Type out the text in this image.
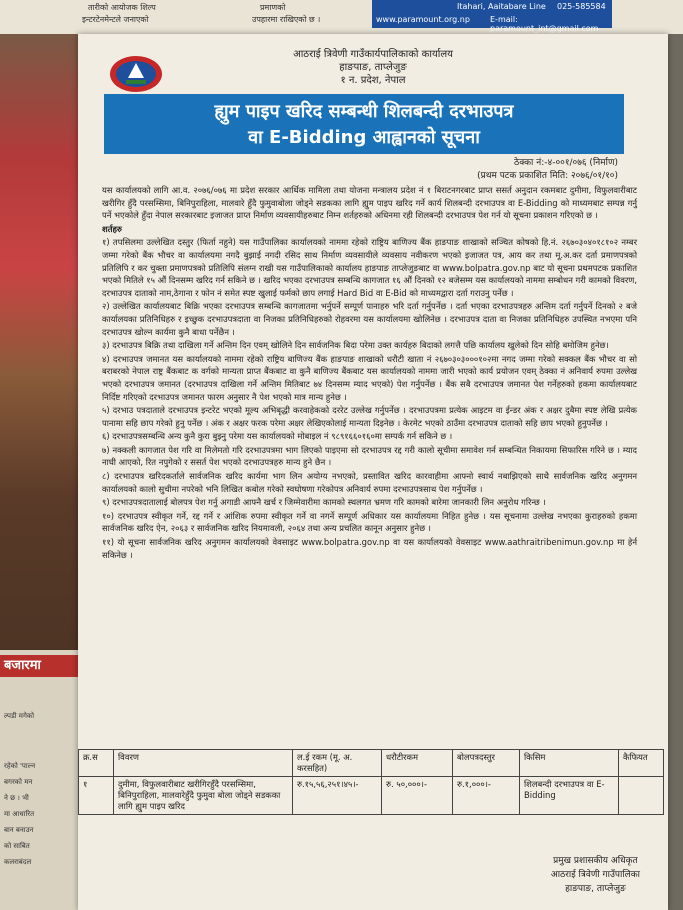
तारीको आयोजक शिल्प
इन्टरटेनमेन्टले जनाएको
प्रमाणको
उपहारमा राखिएको छ ।
Itahari, Aaitabare Line 025-585584
www.paramount.org.np	E-mail: paramount_int@gmail.com
बजारमा
ल्पडी मगेको
रहेको 'पाल्न
बगरको मन
ने छ । भी
मा आधारित
बान बनाउन
को साबित
कलराबंदल
आठराई त्रिवेणी गाउँकार्यपालिकाको कार्यालय
हाङपाङ, ताप्लेजुङ
१ न. प्रदेश, नेपाल
ह्युम पाइप खरिद सम्बन्धी शिलबन्दी दरभाउपत्र
वा E-Bidding आह्वानको सूचना
ठेक्का नं:-४-००१/०७६ (निर्माण)
(प्रथम पटक प्रकाशित मिति: २०७६/०१/१०)

यस कार्यालयको लागि आ.व. २०७६/०७६ मा प्रदेश सरकार आर्थिक मामिला तथा योजना मन्त्रालय प्रदेश नं १ बिराटनगरबाट प्राप्त ससर्त अनुदान रकमबाट दुमीमा, विफुलवारीबाट खरीगिर हुँदै परसम्सिमा, बिनिपुराहिला, मालवारे हुँदै फुमुवाबोला जोड्ने सडकका लागि ह्युम पाइप खरिद गर्ने कार्य शिलबन्दी दरभाउपत्र वा E-Bidding को माध्यमबाट सम्पन्न गर्नु पर्ने भएकोले हुँदा नेपाल सरकारबाट इजाजत प्राप्त निर्माण व्यवसायीहरुबाट निम्न शर्तहरुको अधिनमा रही शिलबन्दी दरभाउपत्र पेश गर्न यो सूचना प्रकाशन गरिएको छ ।

शर्तहरु

१) तपसिलमा उल्लेखित दस्तुर (फिर्ता नहुने) यस गाउँपालिका कार्यालयको नाममा रहेको राष्ट्रिय बाणिज्य बैंक हाङपाङ शाखाको सञ्चित कोषको हि.नं. २६७०३०४०१८१०२ नम्बर जम्मा गरेको बैंक भौचर वा कार्यालयमा नगदै बुझाई नगदी रसिद साथ निर्माण व्यवसायीले व्यवसाय नवीकरण भएको इजाजत पत्र, आय कर तथा मू.अ.कर दर्ता प्रमाणपत्रको प्रतिलिपि र कर चुक्ता प्रमाणपत्रको प्रतिलिपि संलग्न राखी यस गाउँपालिकाको कार्यालय हाङपाङ ताप्लेजुङबाट वा www.bolpatra.gov.np बाट यो सूचना प्रथमपटक प्रकाशित भएको मितिले १५ औं दिनसम्म खरिद गर्न सकिने छ । खरिद भएका दरभाउपत्र सम्बन्धि कागजात १६ औं दिनको १२ बजेसम्म यस कार्यालयको नाममा सम्बोधन गरी कामको विवरण, दरभाउपत्र दाताको नाम,ठेगाना र फोन नं समेत स्पष्ट खुलाई फर्मको छाप लगाई Hard Bid वा E-Bid को माध्यमद्वारा दर्ता गराउनु पर्नेछ ।

२) उल्लेखित कार्यालयबाट बिक्रि भएका दरभाउपत्र सम्बन्धि कागजातमा भर्नुपर्ने सम्पूर्ण पानाहरु भरि दर्ता गर्नुपर्नेछ । दर्ता भएका दरभाउपत्रहरु अन्तिम दर्ता गर्नुपर्ने दिनको २ बजे कार्यालयका प्रतिनिधिहरु र इच्छुक दरभाउपत्रदाता वा निजका प्रतिनिधिहरुको रोहवरमा यस कार्यालयमा खोलिनेछ । दरभाउपत्र दाता वा निजका प्रतिनिधिहरु उपस्थित नभएमा पनि दरभाउपत्र खोल्न कार्यमा कुनै बाधा पर्नेछैन ।

३) दरभाउपत्र बिक्रि तथा दाखिला गर्ने अन्तिम दिन एवम् खोलिने दिन सार्वजनिक बिदा परेमा उक्त कार्यहरु बिदाको लगत्तै पछि कार्यालय खुलेको दिन सोहि बमोजिम हुनेछ।

४) दरभाउपत्र जमानत यस कार्यालयको नाममा रहेको राष्ट्रिय बाणिज्य बैंक हाङपाङ शाखाको धरौटी खाता नं २६७०३०३०००१०२मा नगद जम्मा गरेको सक्कल बैंक भौचर वा सो बराबरको नेपाल राष्ट्र बैंकबाट क वर्गको मान्यता प्राप्त बैंकबाट वा कुनै बाणिज्य बैंकबाट यस कार्यालयको नाममा जारी भएको कार्य प्रयोजन एवम् ठेक्का नं अनिवार्य रुपमा उल्लेख भएको दरभाउपत्र जमानत (दरभाउपत्र दाखिला गर्ने अन्तिम मितिबाट ७४ दिनसम्म म्याद भएको) पेश गर्नुपर्नेछ । बैंक सबै दरभाउपत्र जमानत पेश गर्नेहरुको हकमा कार्यालयबाट निर्दिष्ट गरिएको दरभाउपत्र जमानत फारम अनुसार नै पेश भएको मात्र मान्य हुनेछ ।

५) दरभाउ पत्रदाताले दरभाउपत्र इन्टरेट भएको मूल्य अभिबृद्धी करवाहेकको दररेट उल्लेख गर्नुपर्नेछ । दरभाउपत्रमा प्रत्येक आइटम वा ईन्डर अंक र अक्षर दुबैमा स्पष्ट लेखि प्रत्येक पानामा सहि छाप गरेको हुनु पर्नेछ । अंक र अक्षर फरक परेमा अक्षर लेखिएकोलाई मान्यता दिइनेछ । केरमेट भएको ठाउँमा दरभाउपत्र दाताको सहि छाप भएको हुनुपर्नेछ ।

६) दरभाउपत्रसम्बन्धि अन्य कुनै कुरा बुझ्नु परेमा यस कार्यालयको मोबाइल नं ९८९१६६०१६०मा सम्पर्क गर्न सकिने छ ।

७) नक्कली कागजात पेश गरि वा मिलेमतो गरि दरभाउपत्रमा भाग लिएको पाइएमा सो दरभाउपत्र रद्द गरी कालो सूचीमा समावेश गर्न सम्बन्धित निकायमा सिफारिस गरिने छ । म्याद नाघी आएको, रित नपुगेको र ससर्त पेश भएको दरभाउपत्रहरु मान्य हुने छैन ।

८) दरभाउपत्र खरिदकर्ताले सार्वजनिक खरिद कार्यमा भाग लिन अयोग्य नभएको, प्रस्तावित खरिद कारवाहीमा आफ्नो स्वार्थ नबाझिएको साथै सार्वजनिक खरिद अनुगमन कार्यालयको कालो सुचीमा नपरेको भनि लिखित कबोल गरेको स्वघोषणा गरेकोपत्र अनिवार्य रुपमा दरभाउपत्रसाथ पेश गर्नुपर्नेछ ।

९) दरभाउपत्रदातालाई बोलपत्र पेश गर्नु अगाडी आफ्नै खर्च र जिम्मेवारीमा कामको स्थलगत भ्रमण गरि कामको बारेमा जानकारी लिन अनुरोध गरिन्छ ।

१०) दरभाउपत्र स्वीकृत गर्ने, रद्द गर्ने र आंशिक रुपमा स्वीकृत गर्ने वा नगर्ने सम्पूर्ण अधिकार यस कार्यालयमा निहित हुनेछ । यस सूचनामा उल्लेख नभएका कुराहरुको हकमा सार्वजनिक खरिद ऐन, २०६३ र सार्वजनिक खरिद नियमावली, २०६४ तथा अन्य प्रचलित कानून अनुसार हुनेछ ।

११) यो सूचना सार्वजनिक खरिद अनुगमन कार्यालयको वेवसाइट www.bolpatra.gov.np वा यस कार्यालयको वेवसाइट www.aathraitribenimun.gov.np मा हेर्न सकिनेछ ।

क्र.स	विवरण	ल.ई रकम (मू. अ. करसहित)	धरौटीरकम	बोलपत्रदस्तुर	किसिम	कैफियत
१	दुमीमा, विफुलवारीबाट खरीगिरहुँदै परसम्सिमा, बिनिपुराहिला, मालवारेहुँदै फुमुवा बोला जोड्ने सडकका लागि ह्युम पाइप खरिद	रु.१५,५६,२५१।४५।-	रु. ५०,०००।-	रु.१,०००।-	शिलबन्दी दरभाउपत्र वा E-Bidding	
प्रमुख प्रशासकीय अधिकृत
आठराई त्रिवेणी गाउँपालिका
हाङपाङ, ताप्लेजुङ
